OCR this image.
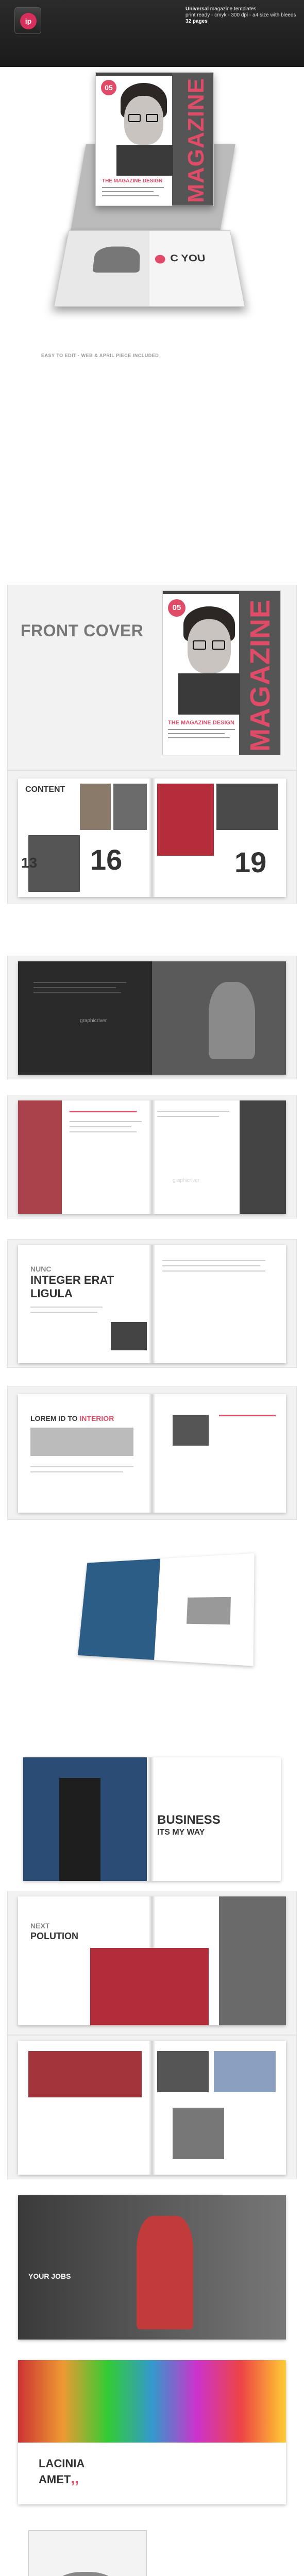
ip
Universal magazine templates
print ready - cmyk - 300 dpi - a4 size with bleeds
32 pages
05	MAGAZINE
THE MAGAZINE DESIGN
C YOU
EASY TO EDIT - WEB & APRIL PIECE INCLUDED
FRONT COVER
05 MAGAZINE
THE MAGAZINE DESIGN
CONTENT
13 16	19
graphicriver
graphicriver
NUNC
INTEGER ERAT
LIGULA
LOREM ID TO INTERIOR
BUSINESS
ITS MY WAY
NEXT
POLUTION
YOUR JOBS
LACINIA
AMET,,
